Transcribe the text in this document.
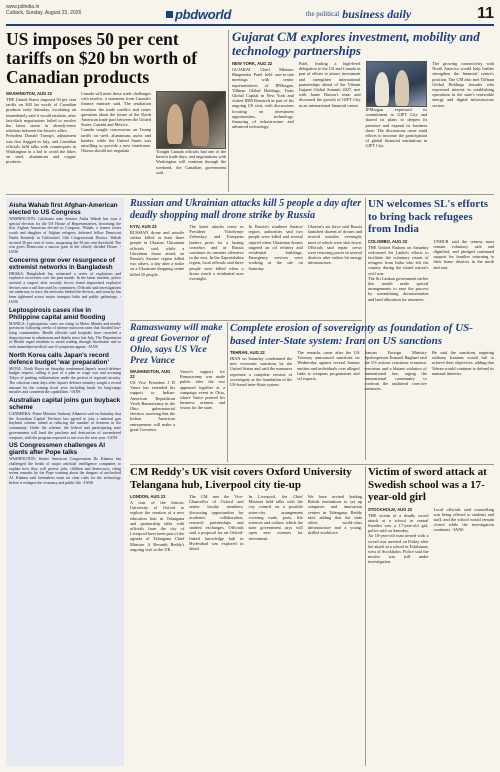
www.pdindia.in
Cuttack, Sunday, August 23, 2026	pbdworld	the political business daily	11
US imposes 50 per cent tariffs on $20 bn worth of Canadian products
WASHINGTON, AUG 22

THE United States imposed 50 per cent tariffs on $20 bn worth of Canadian products early Saturday, escalating an immediately said it would retaliate, after last-ditch negotiations failed to resolve the latest strain in already-tense relations between the historic allies.

President Donald Trump's adjustment was first flagged in July, and Canadian officials held talks with counterparts in Washington in a bid to avoid the hikes on steel, aluminium and copper products.

Canada will meet these trade challenges with resolve, a statement from Canada's finance minister said. The retaliation escalates the trade conflict and raises questions about the future of the North American trade pact between the United States, Canada and Mexico.

Canada sought concessions on Trump tariffs on steel, aluminium, autos and lumber, while the United States was unwilling to provide a new timeframe. Ottawa should not negotiate.	Tonight Canada officials had one of the busiest trade days, and negotiations with Washington will continue through the weekend, the Canadian government said.

Gujarat CM explores investment, mobility and technology partnerships
NEW YORK, AUG 22

GUJARAT Chief Minister Bhupendra Patel held one-to-one meetings with senior representatives of JPMorgan, Tillman Global Holdings, Trans Global Capital in New York and visited IBM Research as part of his ongoing US visit, with discussions focusing on investment opportunities, technology, financing of infrastructure and advanced technology.

Patel, leading a high-level delegation to the US and Canada as part of efforts to attract investment and strengthen international partnerships ahead of the Vibrant Gujarat Global Summit 2027, met with Jamie Dimon's team and discussed the growth of GIFT City as an international financial centre.

JPMorgan expressed its commitment to GIFT City and shared its plans to deepen its presence and expand its business there. The discussions came amid efforts to increase the participation of global financial institutions in GIFT City.

The growing connectivity with North America would help further strengthen the financial centre's position. The CM also met Tillman Global Holdings founder who expressed interest in establishing operations in the state's renewable energy and digital infrastructure sectors.

Aisha Wahab first Afghan-American elected to US Congress

WASHINGTON: California state Senator Aisha Wahab has won a special election for the US House of Representatives, becoming the first Afghan American elected to Congress. Wahab, a former foster youth and daughter of Afghan refugees, defeated fellow Democrat Nadia Kennedy in California's 14th Congressional District. Wahab secured 56 per cent of votes, surpassing the 50 per cent threshold. The win gives Democrats a narrow gain in the closely divided House. -IANS

Concerns grow over resurgence of extremist networks in Bangladesh

DHAKA: Bangladesh has witnessed a series of explosions and explosive recoveries over the past month. In the latest incident, police arrested a suspect after security forces found improvised explosive devices near a rail line used by commuters. Officials said investigations are underway to trace the networks behind the devices, and security has been tightened across major transport hubs and public gatherings. -IANS

Leptospirosis cases rise in Philippine capital amid flooding

MANILA: Leptospirosis cases are rising in Metro Manila and nearby provinces following weeks of intense monsoon rains that flooded low-lying communities. Health officials said hospitals have recorded a sharp increase in admissions and deaths since late July. The Department of Health urged residents to avoid wading through floodwater and to seek immediate medical care if symptoms appear. -IANS

North Korea calls Japan's record defence budget 'war preparation'

SEOUL: North Korea on Saturday condemned Japan's record defence budget request, calling it part of a plan to wage war and accusing Tokyo of pushing militarisation under the pretext of regional security. The criticism came days after Japan's defence ministry sought a record amount for the coming fiscal year, including funds for long-range missiles and counterstrike capabilities. -IANS

Australian capital joins gun buyback scheme

CANBERRA: Prime Minister Anthony Albanese said on Saturday that the Australian Capital Territory has agreed to join a national gun buyback scheme aimed at reducing the number of firearms in the community. Under the scheme, the federal and participating state governments will fund the purchase and destruction of surrendered weapons, with the program expected to run over the next year. -IANS

US Congressmen challenges AI giants after Pope talks

WASHINGTON: Senior American Congressman Ro Khanna has challenged the heads of major artificial intelligence companies to explain how they will protect jobs, children and democracy, citing recent remarks by the Pope warning about the dangers of unchecked AI. Khanna said lawmakers must set clear rules for the technology before it reshapes the economy and public life. -IANS

Russian and Ukrainian attacks kill 5 people a day after deadly shopping mall drone strike by Russia
KYIV, AUG 22

RUSSIAN drone and missile strikes killed at least three people in Ukraine, Ukrainian officials said, while a Ukrainian drone attack on Russia's Saratov region killed two others, a day after a strike on a Ukrainian shopping centre killed 10 people.

The latest attacks come as President Volodymyr Zelenskyy and European leaders press for a lasting ceasefire, and as Russia continues its summer offensive in the east. In the Zaporizhzhia region, local officials said three people were killed when a drone struck a residential area overnight.

In Russia's southern Saratov region, authorities said two people were killed and several injured when Ukrainian drones targeted an oil refinery and residential buildings. Emergency services were working at the site on Saturday.

Ukraine's air force said Russia launched dozens of drones and several missiles overnight, most of which were shot down. Officials said repair crews were restoring power in several districts after strikes hit energy infrastructure.

UN welcomes SL's efforts to bring back refugees from India
COLOMBO, AUG 22

THE United Nations on Saturday welcomed Sri Lanka's efforts to facilitate the voluntary return of refugees from India who left the country during the island nation's civil war.

The Sri Lankan government earlier this month made special arrangements to ease the process by streamlining documentation and land allocation for returnees.

UNHCR said the returns must remain voluntary, safe and dignified, and pledged continued support for families returning to their home districts in the north and east.

Ramaswamy will make a great Governor of Ohio, says US Vice Prez Vance
WASHINGTON, AUG 22

US Vice President J D Vance has extended his support to Indian-American Republican Vivek Ramaswamy in the Ohio gubernatorial election, asserting that the Indian American entrepreneur will make a great Governor.

Vance's support for Ramaswamy was made public after the two appeared together at a campaign event in Ohio, where Vance praised his business acumen and vision for the state.

Complete erosion of sovereignty as foundation of US-based inter-State system: Iran on US sanctions
TEHRAN, AUG 22

IRAN on Saturday condemned the new economic sanctions by the United States and said the measures represent a complete erosion of sovereignty as the foundation of the US-based inter-State system.

The remarks came after the US Treasury announced sanctions on Wednesday against several Iranian entities and individuals over alleged links to weapons programmes and oil exports.

Iranian Foreign Ministry Spokesperson Esmaeil Baghaei said the US actions constitute economic terrorism and a blatant violation of international law, urging the international community to confront the unilateral coercive measures.

He said the sanctions targeting ordinary Iranians would fail to achieve their objectives, adding that Tehran would continue to defend its national interests.

CM Reddy's UK visit covers Oxford University Telangana hub, Liverpool city tie-up
LONDON, AUG 22

A tour of the historic University of Oxford to explore the creation of a new education hub in Telangana and partnership talks with officials from the city of Liverpool have been part of the agenda of Telangana Chief Minister A Revanth Reddy's ongoing visit to the UK.

The CM met the Vice-Chancellor of Oxford and senior faculty members, discussing opportunities for academic collaboration, research partnerships and student exchanges. Officials said a proposal for an Oxford-linked knowledge hub in Hyderabad was explored in detail.

In Liverpool, the Chief Minister held talks with the city council on a possible sister-city arrangement covering trade, ports, life sciences and culture, which the state government says will open new avenues for investment.

We have invited leading British institutions to set up campuses and innovation centres in Telangana, Reddy said, adding that the state offers world-class infrastructure and a young, skilled workforce.

Victim of sword attack at Swedish school was a 17-year-old girl
STOCKHOLM, AUG 22

THE victim of a deadly sword attack at a school in central Sweden was a 17-year-old girl, police said on Saturday.

An 18-year-old man armed with a sword was arrested on Friday after the attack at a school in Eskilstuna, west of Stockholm. Police said the motive was still under investigation.

Local officials said counselling was being offered to students and staff, and the school would remain closed while the investigation continues. -IANS
